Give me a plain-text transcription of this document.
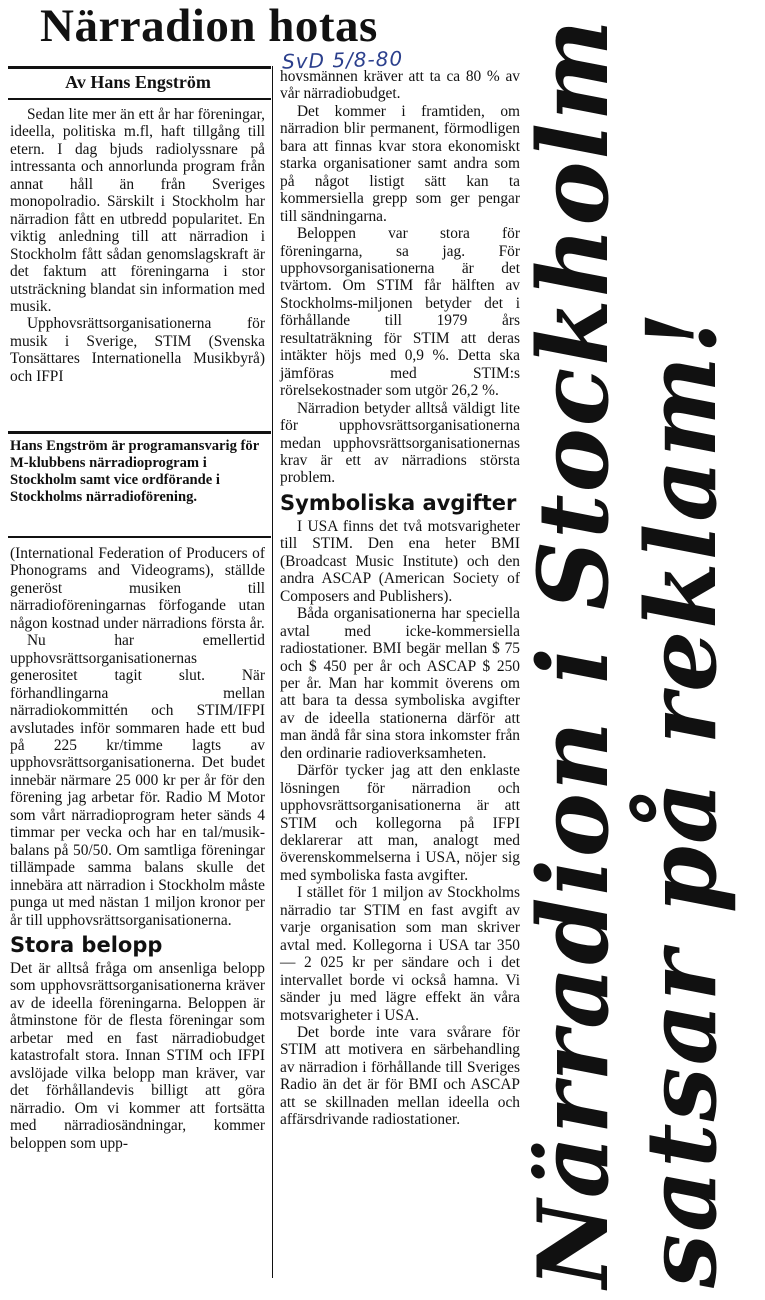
Närradion hotas
SvD 5/8-80
Av Hans Engström

Sedan lite mer än ett år har föreningar, ideella, politiska m.fl, haft tillgång till etern. I dag bjuds radiolyssnare på intressanta och annorlunda program från annat håll än från Sveriges monopolradio. Särskilt i Stockholm har närradion fått en utbredd popularitet. En viktig anledning till att närradion i Stockholm fått sådan genomslagskraft är det faktum att föreningarna i stor utsträckning blandat sin information med musik.

Upphovsrättsorganisationerna för musik i Sverige, STIM (Svenska Tonsättares Internationella Musikbyrå) och IFPI

Hans Engström är programansvarig för M-klubbens närradioprogram i Stockholm samt vice ordförande i Stockholms närradioförening.

(International Federation of Producers of Phonograms and Videograms), ställde generöst musiken till närradioföreningarnas förfogande utan någon kostnad under närradions första år.

Nu har emellertid upphovsrättsorganisationernas generositet tagit slut. När förhandlingarna mellan närradiokommittén och STIM/IFPI avslutades inför sommaren hade ett bud på 225 kr/timme lagts av upphovsrättsorganisationerna. Det budet innebär närmare 25 000 kr per år för den förening jag arbetar för. Radio M Motor som vårt närradioprogram heter sänds 4 timmar per vecka och har en tal/musik-balans på 50/50. Om samtliga föreningar tillämpade samma balans skulle det innebära att närradion i Stockholm måste punga ut med nästan 1 miljon kronor per år till upphovsrättsorganisationerna.

Stora belopp

Det är alltså fråga om ansenliga belopp som upphovsrättsorganisationerna kräver av de ideella föreningarna. Beloppen är åtminstone för de flesta föreningar som arbetar med en fast närradiobudget katastrofalt stora. Innan STIM och IFPI avslöjade vilka belopp man kräver, var det förhållandevis billigt att göra närradio. Om vi kommer att fortsätta med närradiosändningar, kommer beloppen som upp-

hovsmännen kräver att ta ca 80 % av vår närradiobudget.

Det kommer i framtiden, om närradion blir permanent, förmodligen bara att finnas kvar stora ekonomiskt starka organisationer samt andra som på något listigt sätt kan ta kommersiella grepp som ger pengar till sändningarna.

Beloppen var stora för föreningarna, sa jag. För upphovsorganisationerna är det tvärtom. Om STIM får hälften av Stockholms-miljonen betyder det i förhållande till 1979 års resultaträkning för STIM att deras intäkter höjs med 0,9 %. Detta ska jämföras med STIM:s rörelsekostnader som utgör 26,2 %.

Närradion betyder alltså väldigt lite för upphovsrättsorganisationerna medan upphovsrättsorganisationernas krav är ett av närradions största problem.

Symboliska avgifter

I USA finns det två motsvarigheter till STIM. Den ena heter BMI (Broadcast Music Institute) och den andra ASCAP (American Society of Composers and Publishers).

Båda organisationerna har speciella avtal med icke-kommersiella radiostationer. BMI begär mellan $ 75 och $ 450 per år och ASCAP $ 250 per år. Man har kommit överens om att bara ta dessa symboliska avgifter av de ideella stationerna därför att man ändå får sina stora inkomster från den ordinarie radioverksamheten.

Därför tycker jag att den enklaste lösningen för närradion och upphovsrättsorganisationerna är att STIM och kollegorna på IFPI deklarerar att man, analogt med överenskommelserna i USA, nöjer sig med symboliska fasta avgifter.

I stället för 1 miljon av Stockholms närradio tar STIM en fast avgift av varje organisation som man skriver avtal med. Kollegorna i USA tar 350 — 2 025 kr per sändare och i det intervallet borde vi också hamna. Vi sänder ju med lägre effekt än våra motsvarigheter i USA.

Det borde inte vara svårare för STIM att motivera en särbehandling av närradion i förhållande till Sveriges Radio än det är för BMI och ASCAP att se skillnaden mellan ideella och affärsdrivande radiostationer. Närradion i Stockholm
satsar på reklam!
